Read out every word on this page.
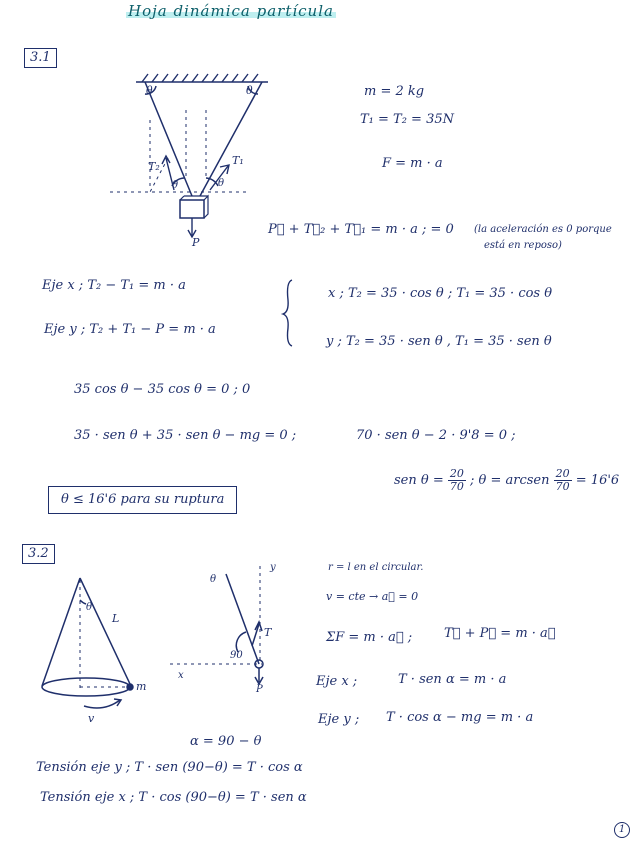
Hoja dinámica partícula
3.1
θ	θ
T₂	T₁
θ	θ
P
m = 2 kg
T₁ = T₂ = 35N
F = m · a
P⃗ + T⃗₂ + T⃗₁ = m · a ; = 0 (la aceleración es 0 porque
está en reposo)
Eje x ; T₂ − T₁ = m · a
Eje y ; T₂ + T₁ − P = m · a
x ; T₂ = 35 · cos θ ; T₁ = 35 · cos θ
y ; T₂ = 35 · sen θ , T₁ = 35 · sen θ
35 cos θ − 35 cos θ = 0 ; 0
35 · sen θ + 35 · sen θ − mg = 0 ;	70 · sen θ − 2 · 9'8 = 0 ;
sen $\theta = \frac{20}{70}$ ; θ = arcsen $\frac{20}{70} = 16'6$
θ ≤ 16'6 para su ruptura
3.2
θ
L
m
v
θ
y
T
90
x
P
r = l en el circular.
v = cte → a⃗ = 0
ΣF = m · a⃗ ; T⃗ + P⃗ = m · a⃗
Eje x ;	T · sen α = m · a
Eje y ; T · cos α − mg = m · a
α = 90 − θ
Tensión eje y ; T · sen (90−θ) = T · cos α
Tensión eje x ; T · cos (90−θ) = T · sen α
1
